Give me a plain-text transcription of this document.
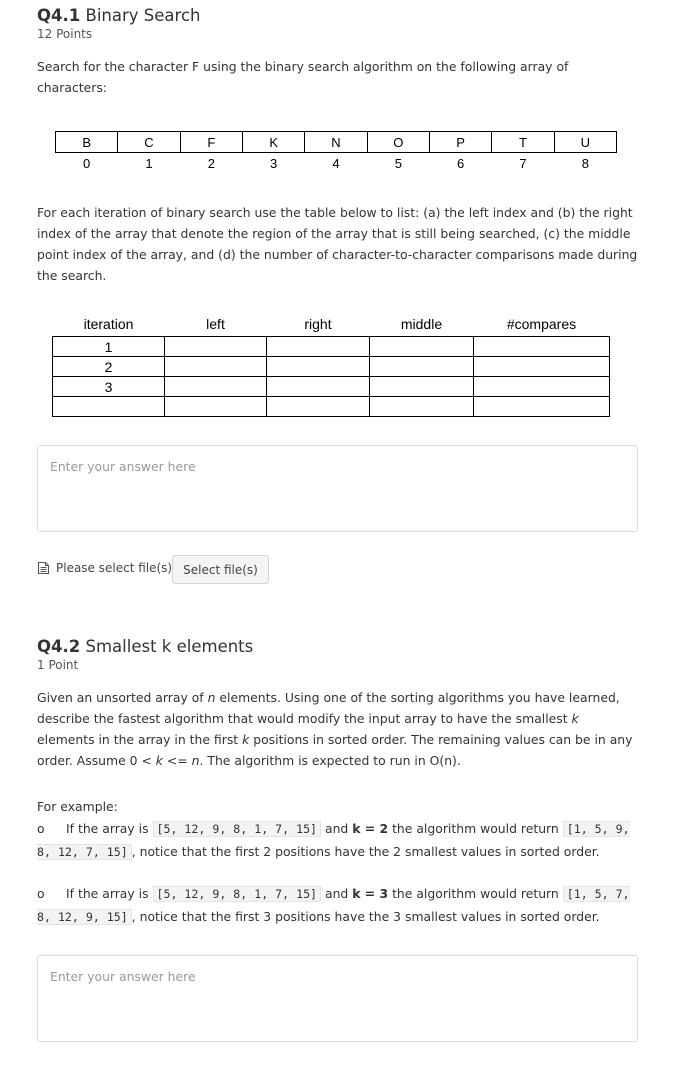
Q4.1 Binary Search
12 Points

Search for the character F using the binary search algorithm on the following array of characters:

B	C	F	K	N	O	P	T	U
0	1	2	3	4	5	6	7	8

For each iteration of binary search use the table below to list: (a) the left index and (b) the right index of the array that denote the region of the array that is still being searched, (c) the middle point index of the array, and (d) the number of character-to-character comparisons made during the search.

iteration	left	right	middle	#compares
1				
2				
3				

Enter your answer here
Please select file(s) Select file(s)
Q4.2 Smallest k elements
1 Point

Given an unsorted array of n elements. Using one of the sorting algorithms you have learned, describe the fastest algorithm that would modify the input array to have the smallest k elements in the array in the first k positions in sorted order. The remaining values can be in any order. Assume 0 < k <= n. The algorithm is expected to run in O(n).

For example:

o If the array is [5, 12, 9, 8, 1, 7, 15] and k = 2 the algorithm would return [1, 5, 9, 8, 12, 7, 15] , notice that the first 2 positions have the 2 smallest values in sorted order.

o If the array is [5, 12, 9, 8, 1, 7, 15] and k = 3 the algorithm would return [1, 5, 7, 8, 12, 9, 15] , notice that the first 3 positions have the 3 smallest values in sorted order.

Enter your answer here
